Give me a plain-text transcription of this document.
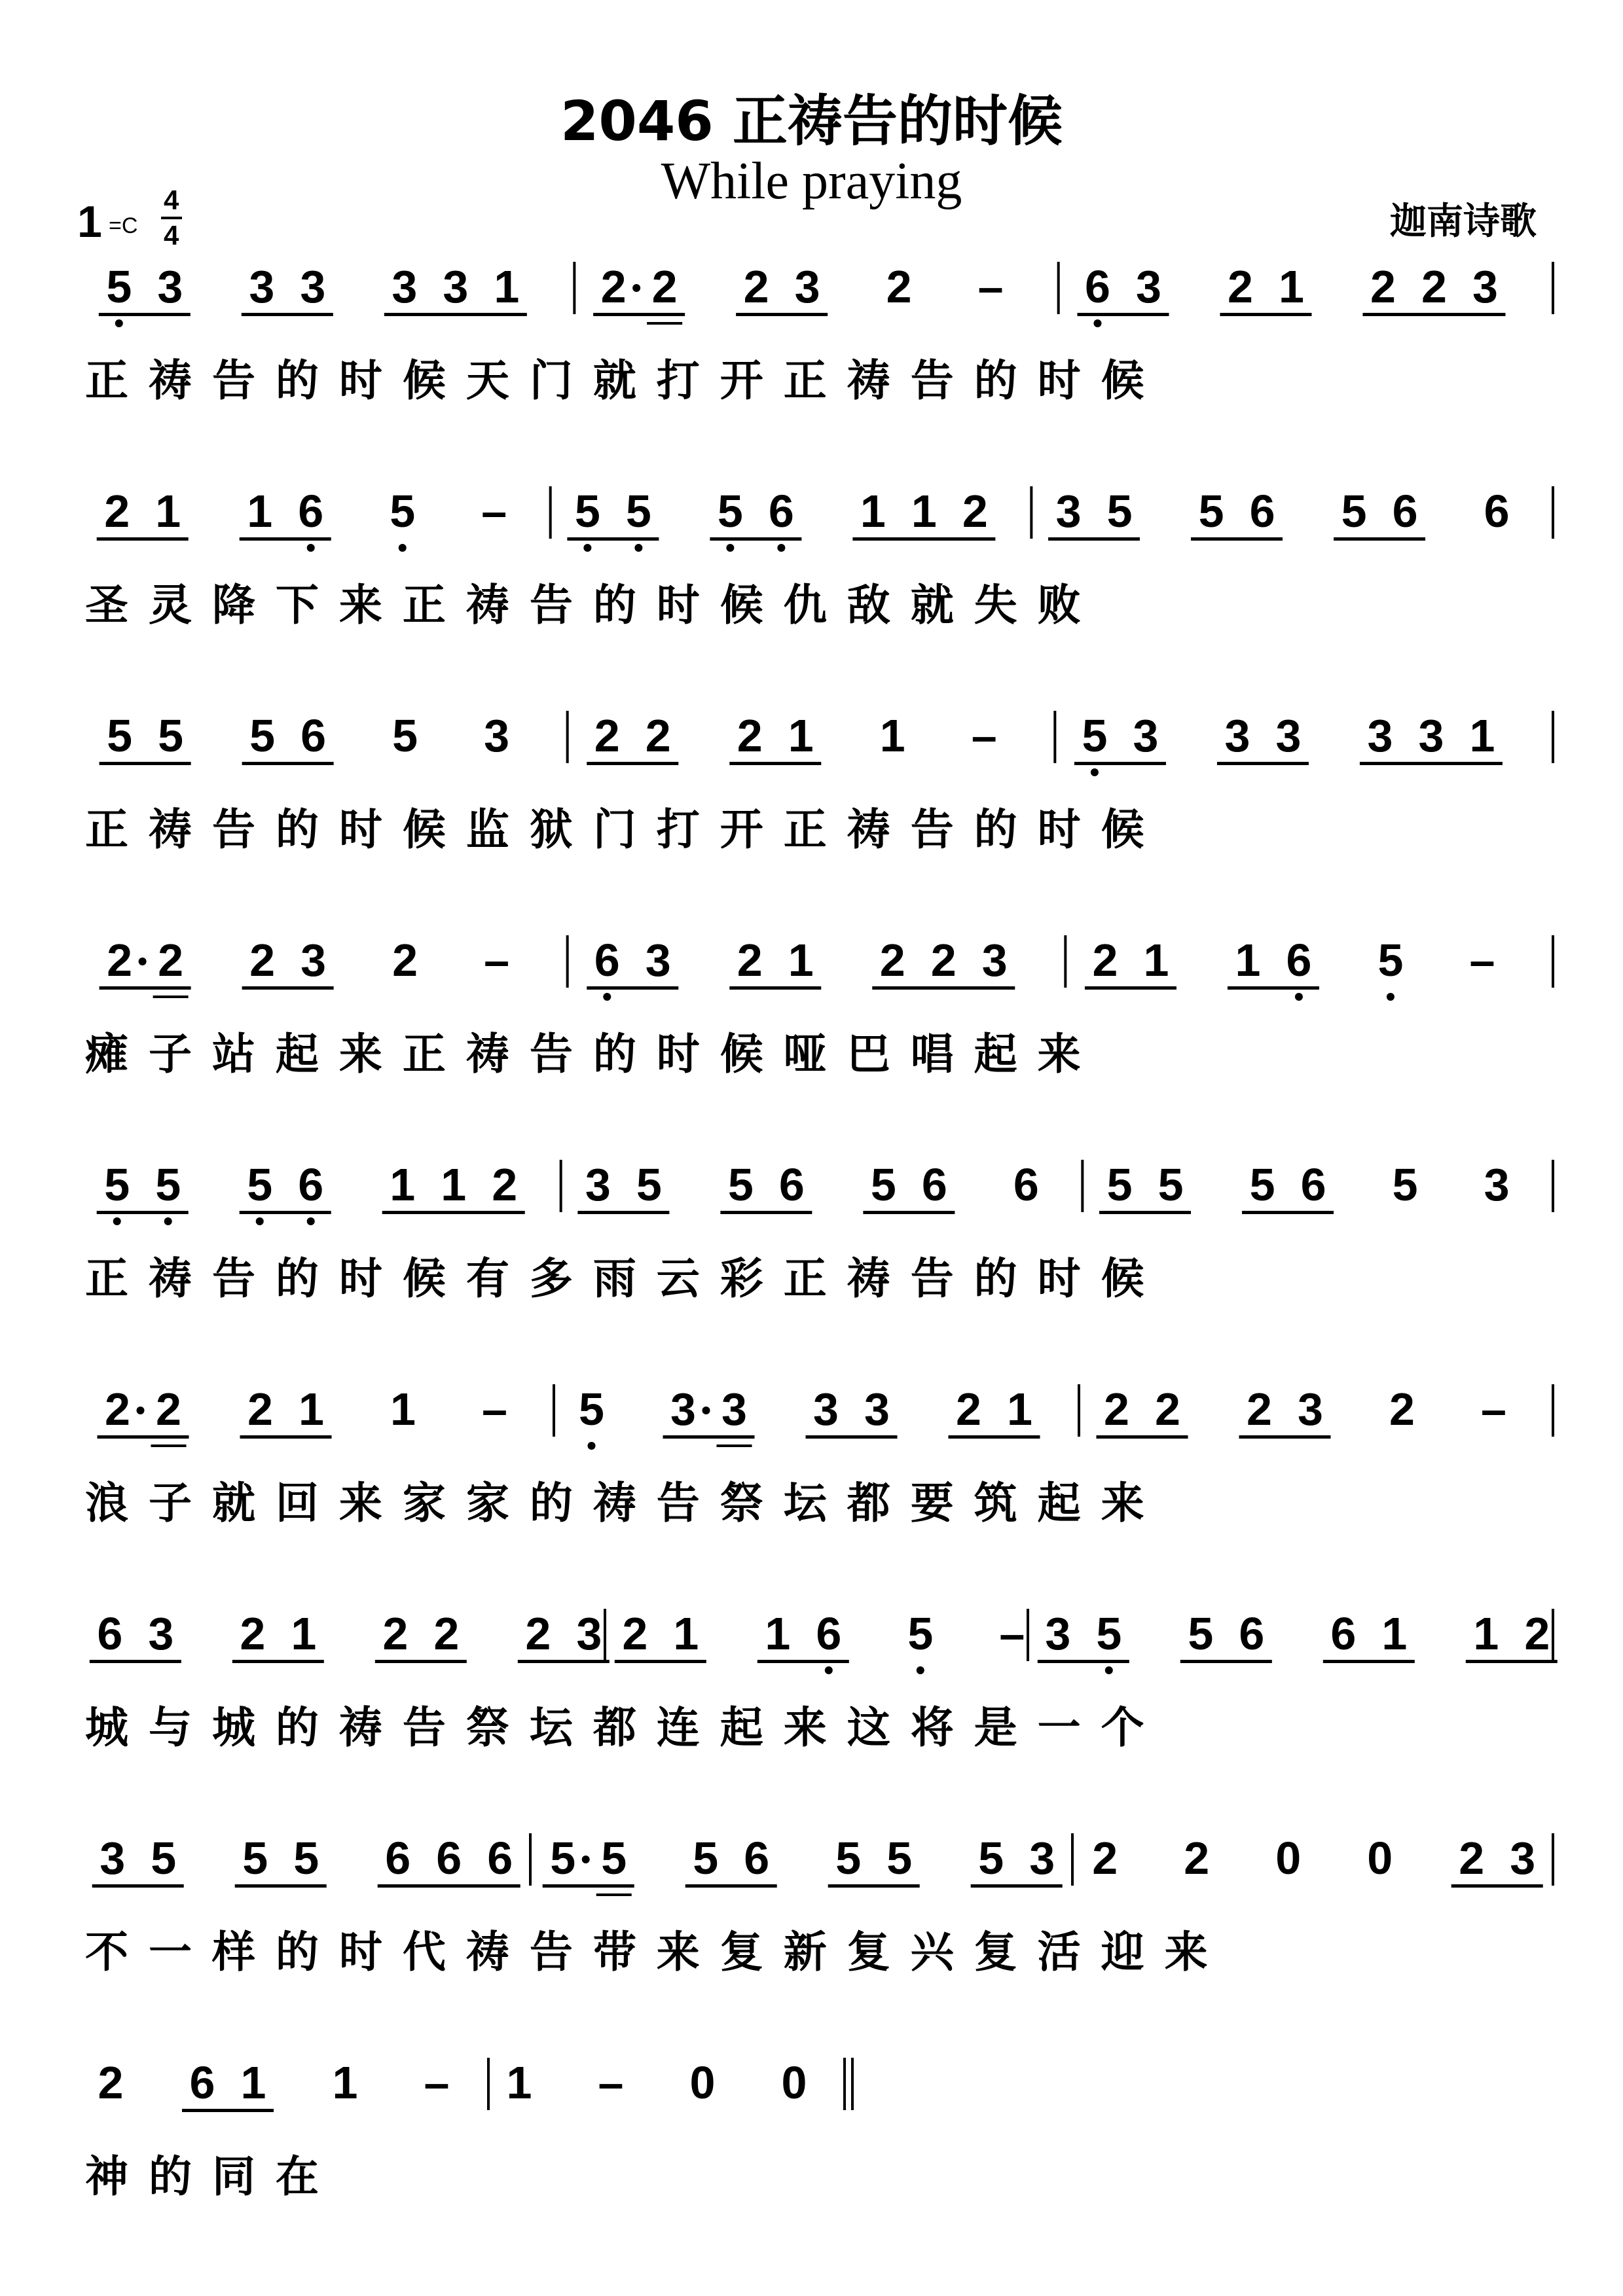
2046 正祷告的时候
While praying
迦南诗歌
1 =C
4
4
5 3 3 3 3 3 1 2 2 2 3 2 – 6 3 2 1 2 2 3
正 祷 告 的 时 候 天 门 就 打 开 正 祷 告 的 时 候
2 1 1 6 5 – 5 5 5 6 1 1 2 3 5 5 6 5 6 6
圣 灵 降 下 来 正 祷 告 的 时 候 仇 敌 就 失 败
5 5 5 6 5 3 2 2 2 1 1 – 5 3 3 3 3 3 1
正 祷 告 的 时 候 监 狱 门 打 开 正 祷 告 的 时 候
2 2 2 3 2 – 6 3 2 1 2 2 3 2 1 1 6 5 –
瘫 子 站 起 来 正 祷 告 的 时 候 哑 巴 唱 起 来
5 5 5 6 1 1 2 3 5 5 6 5 6 6 5 5 5 6 5 3
正 祷 告 的 时 候 有 多 雨 云 彩 正 祷 告 的 时 候
2 2 2 1 1 – 5 3 3 3 3 2 1 2 2 2 3 2 –
浪 子 就 回 来 家 家 的 祷 告 祭 坛 都 要 筑 起 来
6 3 2 1 2 2 2 3 2 1 1 6 5 – 3 5 5 6 6 1 1 2
城 与 城 的 祷 告 祭 坛 都 连 起 来 这 将 是 一 个
3 5 5 5 6 6 6 5 5 5 6 5 5 5 3 2 2 0 0 2 3
不 一 样 的 时 代 祷 告 带 来 复 新 复 兴 复 活 迎 来
2 6 1 1 – 1 – 0 0
神 的 同 在
